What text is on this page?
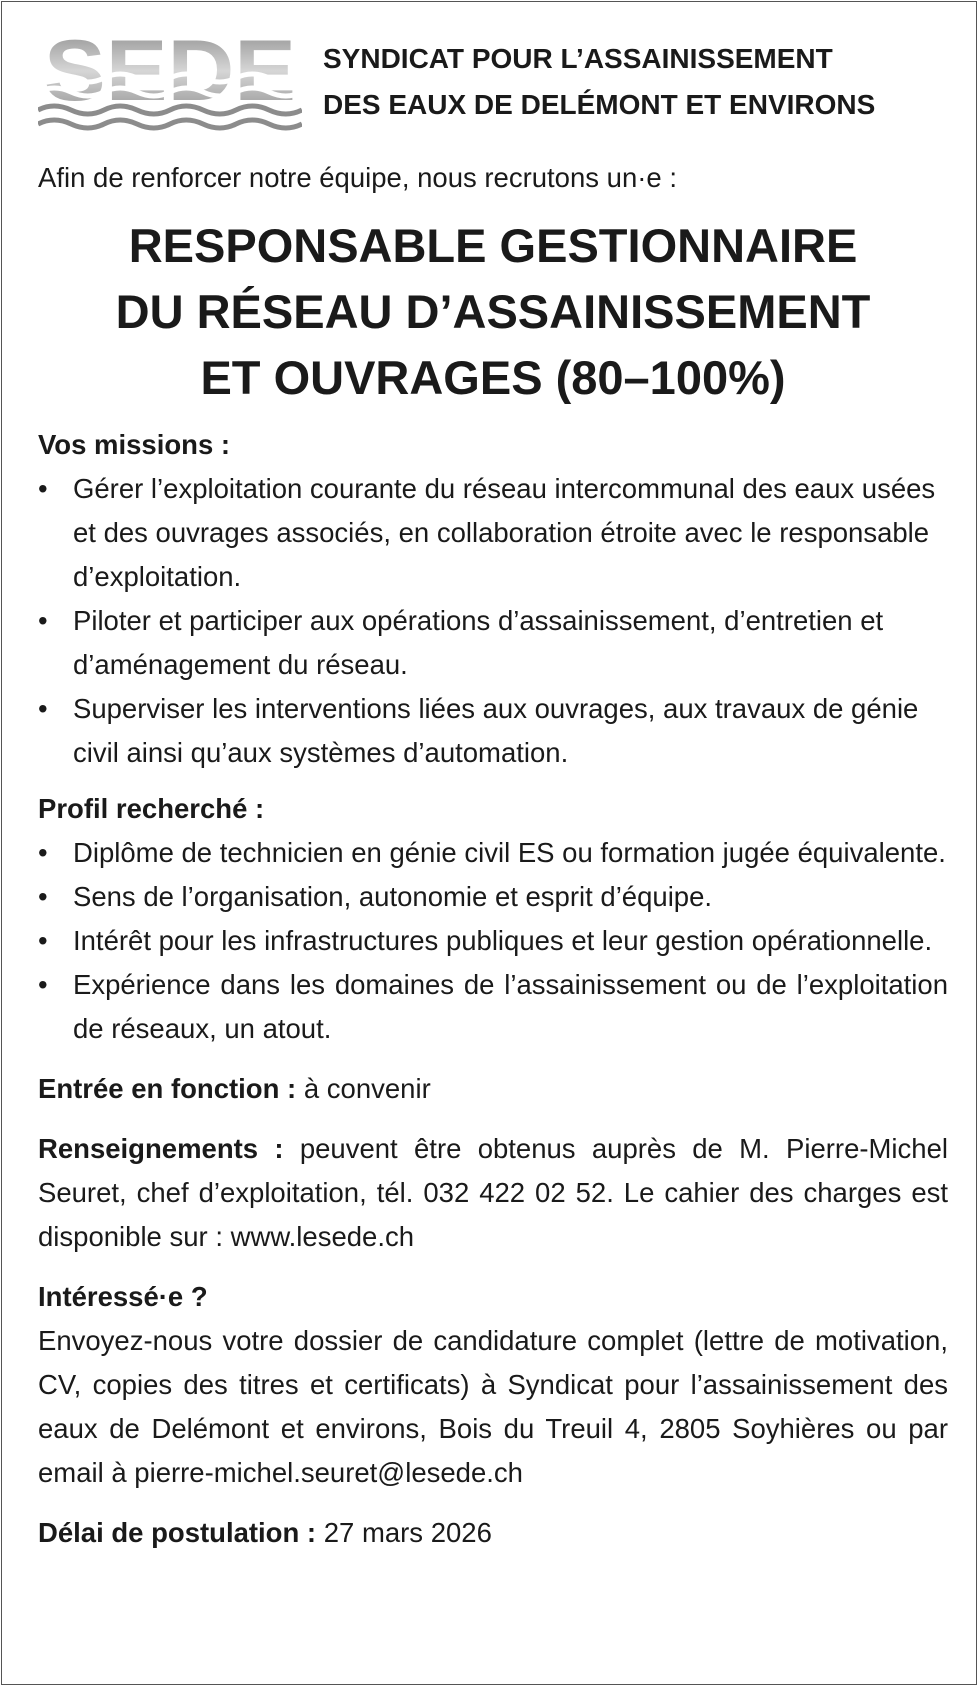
SEDE SYNDICAT POUR L’ASSAINISSEMENT
DES EAUX DE DELÉMONT ET ENVIRONS
Afin de renforcer notre équipe, nous recrutons un·e :
RESPONSABLE GESTIONNAIRE
DU RÉSEAU D’ASSAINISSEMENT
ET OUVRAGES (80–100%)
Vos missions :
• Gérer l’exploitation courante du réseau intercommunal des eaux usées et des ouvrages associés, en collaboration étroite avec le responsable d’exploitation.
• Piloter et participer aux opérations d’assainissement, d’entretien et d’aménagement du réseau.
• Superviser les interventions liées aux ouvrages, aux travaux de génie civil ainsi qu’aux systèmes d’automation.
Profil recherché :
• Diplôme de technicien en génie civil ES ou formation jugée équivalente.
• Sens de l’organisation, autonomie et esprit d’équipe.
• Intérêt pour les infrastructures publiques et leur gestion opérationnelle.
• Expérience dans les domaines de l’assainissement ou de l’exploitation de réseaux, un atout.
Entrée en fonction : à convenir
Renseignements : peuvent être obtenus auprès de M. Pierre-Michel Seuret, chef d’exploitation, tél. 032 422 02 52. Le cahier des charges est disponible sur : www.lesede.ch
Intéressé·e ?
Envoyez-nous votre dossier de candidature complet (lettre de motivation, CV, copies des titres et certificats) à Syndicat pour l’assainissement des eaux de Delémont et environs, Bois du Treuil 4, 2805 Soyhières ou par email à pierre-michel.seuret@lesede.ch
Délai de postulation : 27 mars 2026
